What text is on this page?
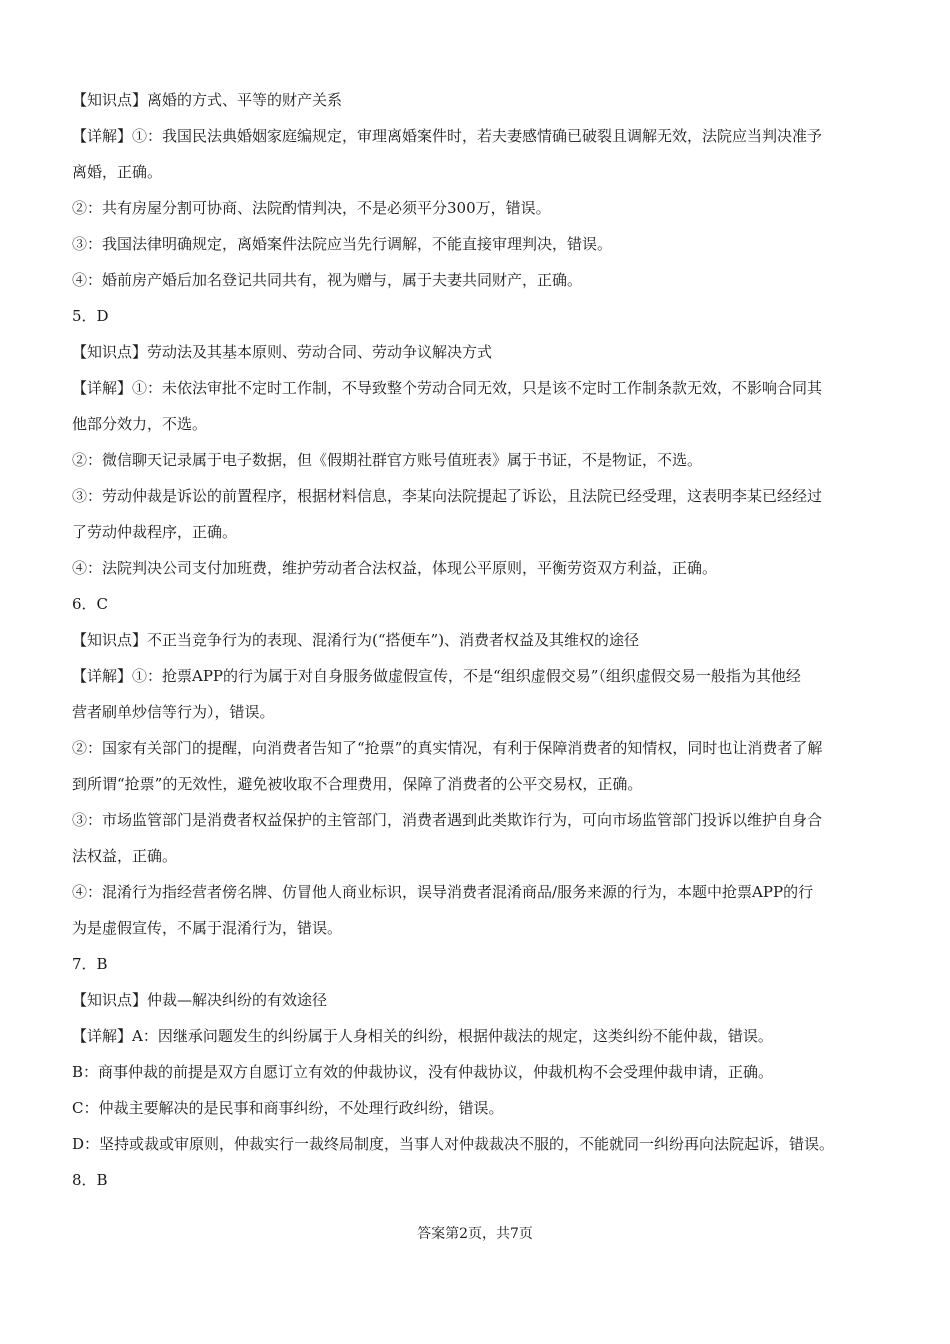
【知识点】离婚的方式、平等的财产关系

【详解】①：我国民法典婚姻家庭编规定，审理离婚案件时，若夫妻感情确已破裂且调解无效，法院应当判决准予

离婚，正确。

②：共有房屋分割可协商、法院酌情判决，不是必须平分300万，错误。

③：我国法律明确规定，离婚案件法院应当先行调解，不能直接审理判决，错误。

④：婚前房产婚后加名登记共同共有，视为赠与，属于夫妻共同财产，正确。

5．D

【知识点】劳动法及其基本原则、劳动合同、劳动争议解决方式

【详解】①：未依法审批不定时工作制，不导致整个劳动合同无效，只是该不定时工作制条款无效，不影响合同其

他部分效力，不选。

②：微信聊天记录属于电子数据，但《假期社群官方账号值班表》属于书证，不是物证，不选。

③：劳动仲裁是诉讼的前置程序，根据材料信息，李某向法院提起了诉讼，且法院已经受理，这表明李某已经经过

了劳动仲裁程序，正确。

④：法院判决公司支付加班费，维护劳动者合法权益，体现公平原则，平衡劳资双方利益，正确。

6．C

【知识点】不正当竞争行为的表现、混淆行为(“搭便车”)、消费者权益及其维权的途径

【详解】①：抢票APP的行为属于对自身服务做虚假宣传，不是“组织虚假交易”（组织虚假交易一般指为其他经

营者刷单炒信等行为），错误。

②：国家有关部门的提醒，向消费者告知了“抢票”的真实情况，有利于保障消费者的知情权，同时也让消费者了解

到所谓“抢票”的无效性，避免被收取不合理费用，保障了消费者的公平交易权，正确。

③：市场监管部门是消费者权益保护的主管部门，消费者遇到此类欺诈行为，可向市场监管部门投诉以维护自身合

法权益，正确。

④：混淆行为指经营者傍名牌、仿冒他人商业标识，误导消费者混淆商品/服务来源的行为，本题中抢票APP的行

为是虚假宣传，不属于混淆行为，错误。

7．B

【知识点】仲裁—解决纠纷的有效途径

【详解】A：因继承问题发生的纠纷属于人身相关的纠纷，根据仲裁法的规定，这类纠纷不能仲裁，错误。

B：商事仲裁的前提是双方自愿订立有效的仲裁协议，没有仲裁协议，仲裁机构不会受理仲裁申请，正确。

C：仲裁主要解决的是民事和商事纠纷，不处理行政纠纷，错误。

D：坚持或裁或审原则，仲裁实行一裁终局制度，当事人对仲裁裁决不服的，不能就同一纠纷再向法院起诉，错误。

8．B

答案第2页，共7页
